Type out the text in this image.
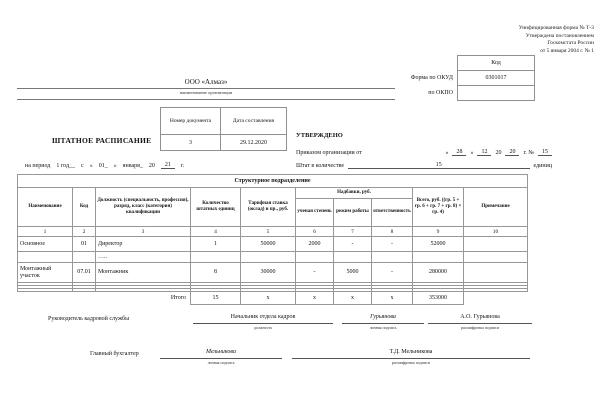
Унифицированная форма № Т-3
Утверждена постановлением
Госкомстата России
от 5 января 2004 г. № 1
	Код
Форма по ОКУД	0301017
по ОКПО	
ООО «Алмаз»
наименование организации
ШТАТНОЕ РАСПИСАНИЕ
Номер документа	Дата составления
3	29.12.2020
УТВЕРЖДЕНО
Приказом организации от	«	28	»	12	20	20	г. №	15
Штат в количестве	15	единиц
на период 1 год__ с « 01_ » января_ 20	21	г.
Структурное подразделение									
Наименование	Код	Должность (специальность, профессия), разряд, класс (категория) квалификации	Количество штатных единиц	Тарифная ставка (оклад) и пр., руб.	Надбавки, руб.			Всего, руб. ((гр. 5 + гр. 6 + гр. 7 + гр. 8) × гр. 4)	Примечание
					ученая степень	режим работы	ответственность		
1	2	3	4	5	6	7	8	9	10
Основное	01	Директор	1	50000	2000	-	-	52000	
		…..							
Монтажный участок	07.01	Монтажник	8	30000	-	5000	-	280000	

Итого			15	х	х	х	х	353000	
Руководитель кадровой службы	Начальник отдела кадров
должность
Гурьянова
личная подпись
А.О. Гурьянова
расшифровка подписи
Главный бухгалтер	Мельникова
личная подпись
Т.Д. Мельникова
расшифровка подписи
